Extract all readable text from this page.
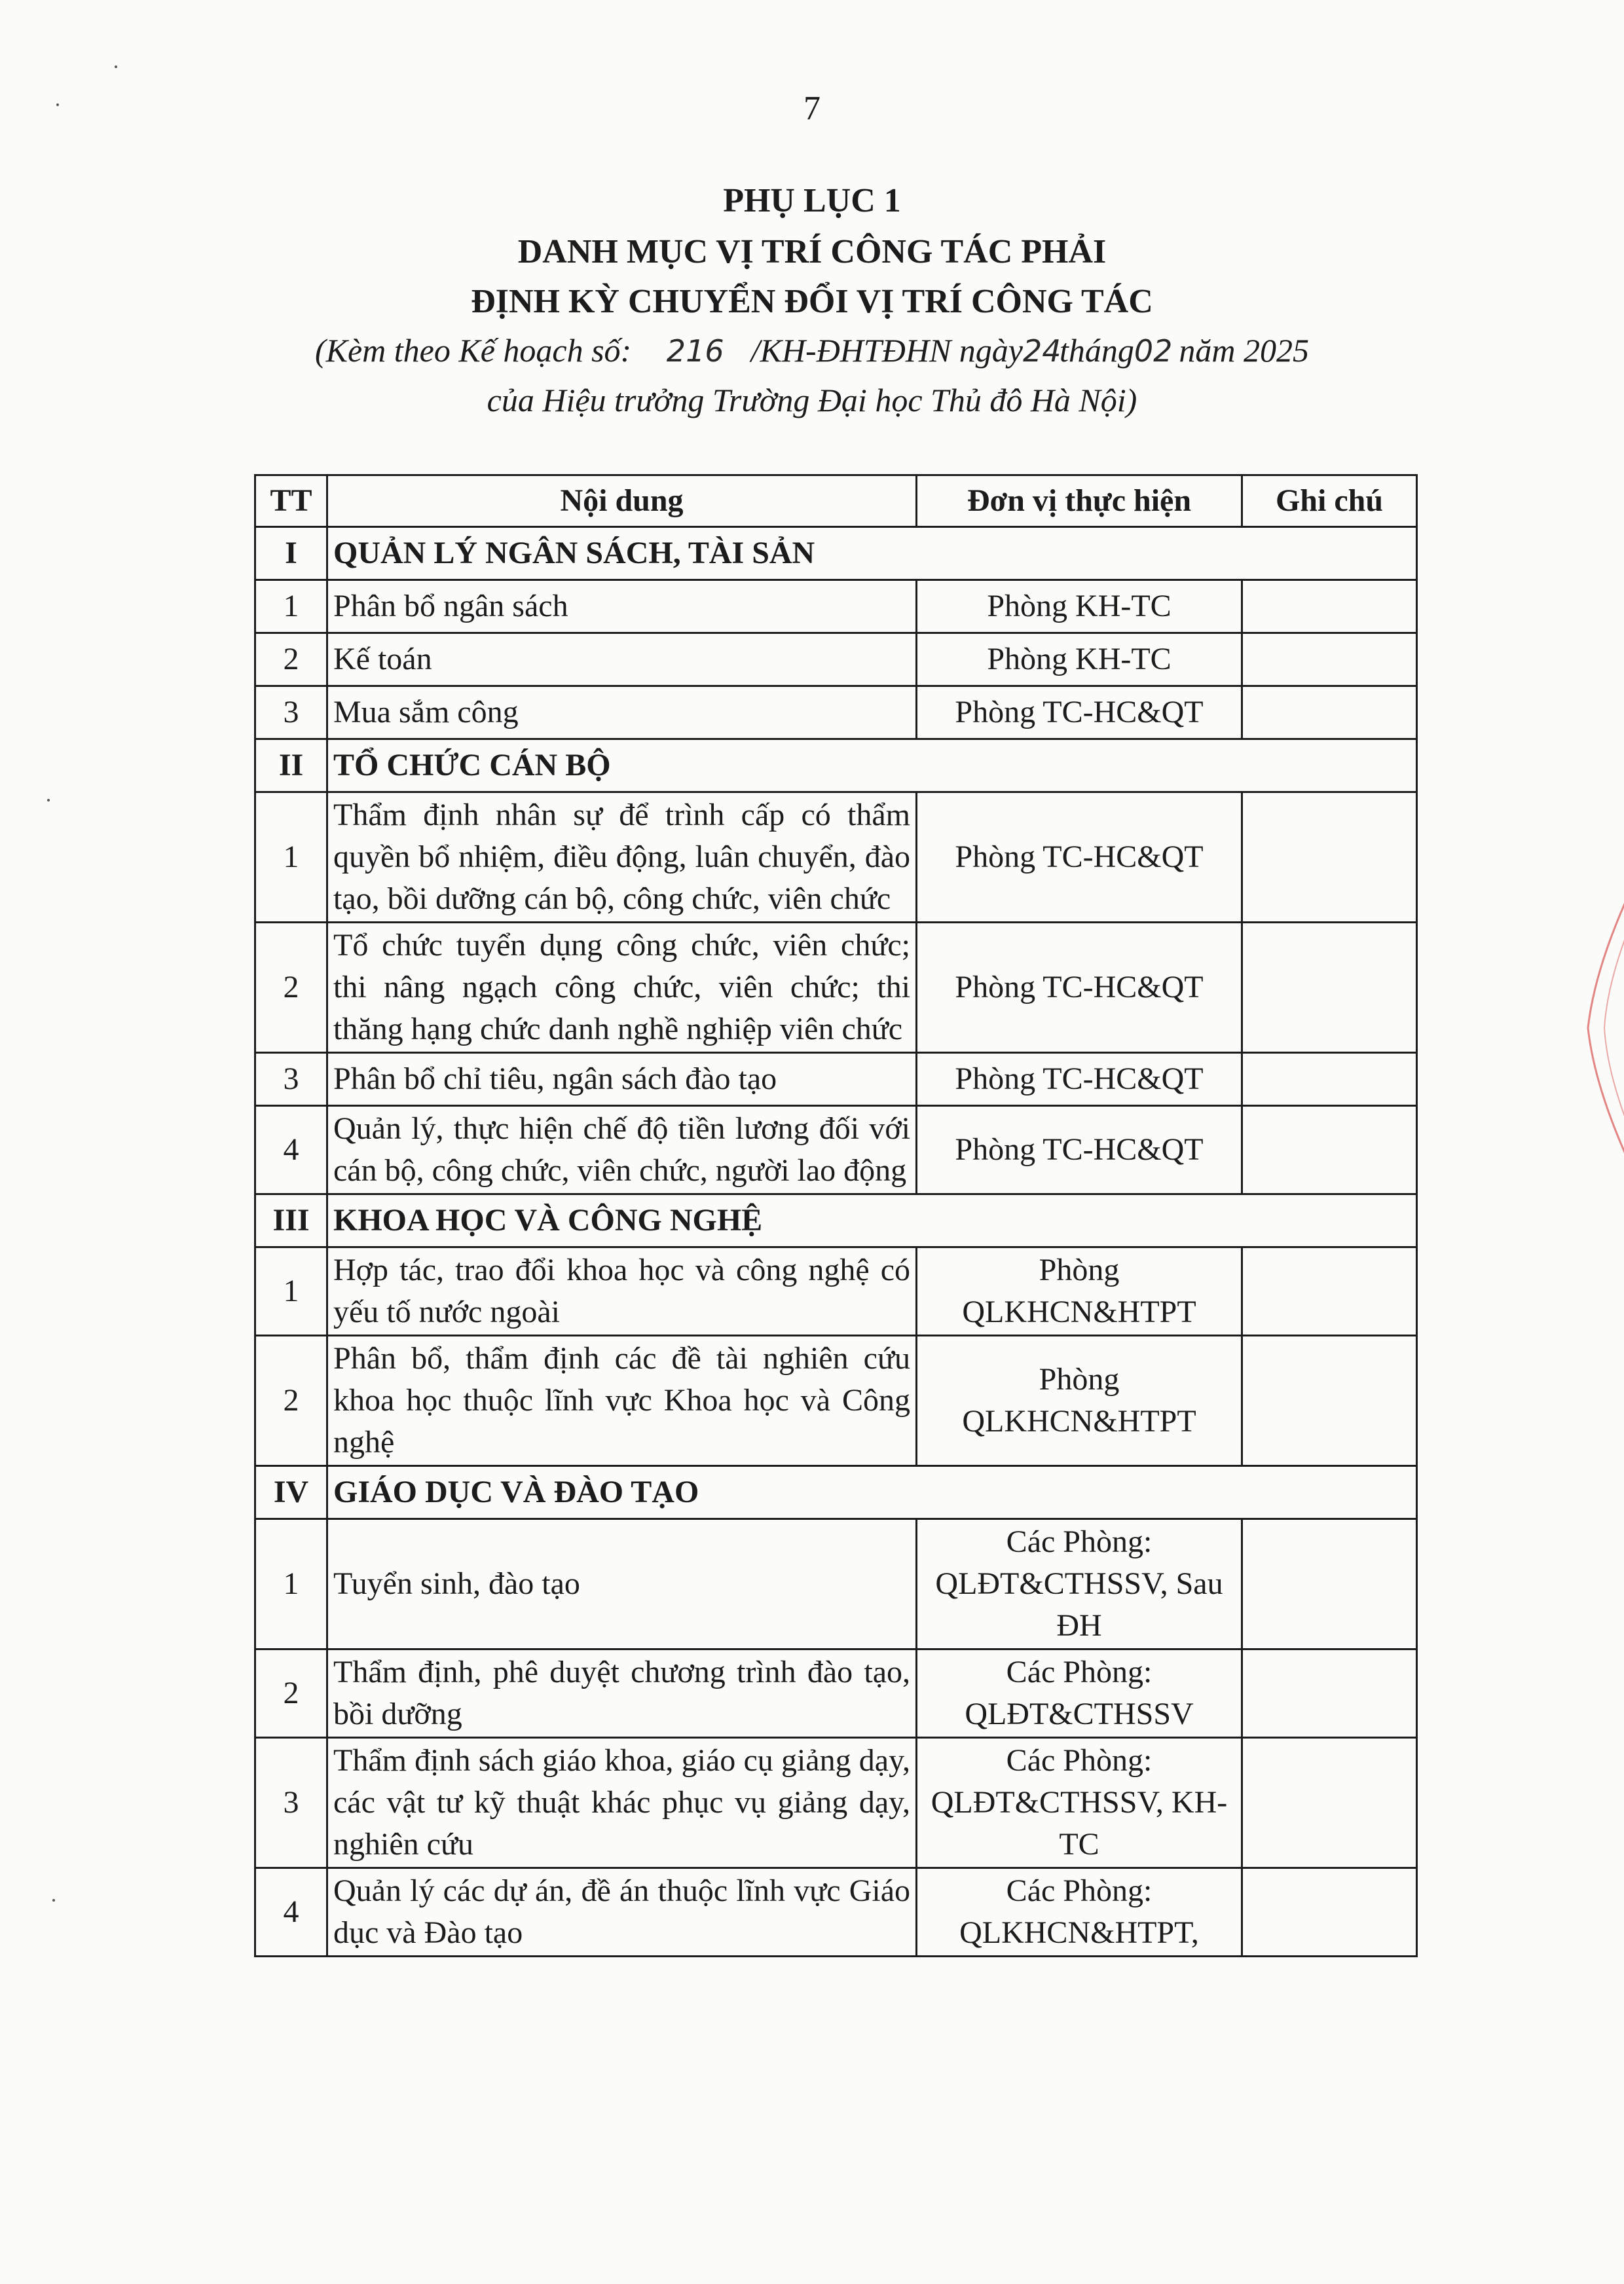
7
PHỤ LỤC 1
DANH MỤC VỊ TRÍ CÔNG TÁC PHẢI
ĐỊNH KỲ CHUYỂN ĐỔI VỊ TRÍ CÔNG TÁC
(Kèm theo Kế hoạch số: 216 /KH-ĐHTĐHN ngày24tháng02 năm 2025
của Hiệu trưởng Trường Đại học Thủ đô Hà Nội)
TT	Nội dung	Đơn vị thực hiện	Ghi chú
I	QUẢN LÝ NGÂN SÁCH, TÀI SẢN		
1	Phân bổ ngân sách	Phòng KH-TC	
2	Kế toán	Phòng KH-TC	
3	Mua sắm công	Phòng TC-HC&QT	
II	TỔ CHỨC CÁN BỘ		
1	Thẩm định nhân sự để trình cấp có thẩm quyền bổ nhiệm, điều động, luân chuyển, đào tạo, bồi dưỡng cán bộ, công chức, viên chức	Phòng TC-HC&QT	
2	Tổ chức tuyển dụng công chức, viên chức; thi nâng ngạch công chức, viên chức; thi thăng hạng chức danh nghề nghiệp viên chức	Phòng TC-HC&QT	
3	Phân bổ chỉ tiêu, ngân sách đào tạo	Phòng TC-HC&QT	
4	Quản lý, thực hiện chế độ tiền lương đối với cán bộ, công chức, viên chức, người lao động	Phòng TC-HC&QT	
III	KHOA HỌC VÀ CÔNG NGHỆ		
1	Hợp tác, trao đổi khoa học và công nghệ có yếu tố nước ngoài	Phòng QLKHCN&HTPT	
2	Phân bổ, thẩm định các đề tài nghiên cứu khoa học thuộc lĩnh vực Khoa học và Công nghệ	Phòng QLKHCN&HTPT	
IV	GIÁO DỤC VÀ ĐÀO TẠO		
1	Tuyển sinh, đào tạo	Các Phòng: QLĐT&CTHSSV, Sau ĐH	
2	Thẩm định, phê duyệt chương trình đào tạo, bồi dưỡng	Các Phòng: QLĐT&CTHSSV	
3	Thẩm định sách giáo khoa, giáo cụ giảng dạy, các vật tư kỹ thuật khác phục vụ giảng dạy, nghiên cứu	Các Phòng: QLĐT&CTHSSV, KH-TC	
4	Quản lý các dự án, đề án thuộc lĩnh vực Giáo dục và Đào tạo	Các Phòng: QLKHCN&HTPT,	
